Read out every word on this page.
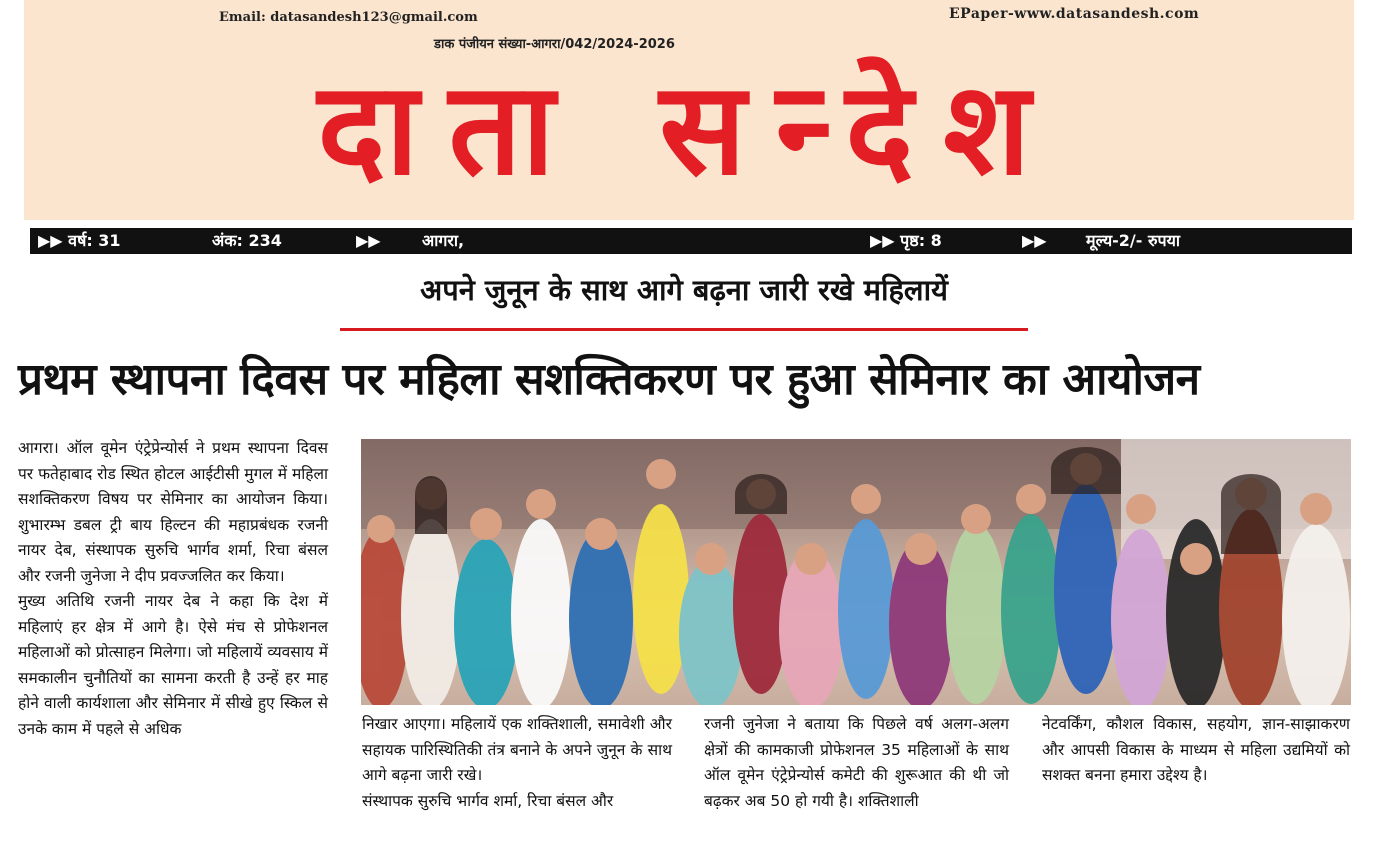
Email: datasandesh123@gmail.com	EPaper-www.datasandesh.com
डाक पंजीयन संख्या-आगरा/042/2024-2026
दाता सन्देश
▶▶ वर्ष: 31	अंक: 234	▶▶	आगरा,	▶▶ पृष्ठ: 8	▶▶ मूल्य-2/- रुपया
अपने जुनून के साथ आगे बढ़ना जारी रखे महिलायें
प्रथम स्थापना दिवस पर महिला सशक्तिकरण पर हुआ सेमिनार का आयोजन

आगरा। ऑल वूमेन एंट्रेप्रेन्योर्स ने प्रथम स्थापना दिवस पर फतेहाबाद रोड स्थित होटल आईटीसी मुगल में महिला सशक्तिकरण विषय पर सेमिनार का आयोजन किया। शुभारम्भ डबल ट्री बाय हिल्टन की महाप्रबंधक रजनी नायर देब, संस्थापक सुरुचि भार्गव शर्मा, रिचा बंसल और रजनी जुनेजा ने दीप प्रवज्जलित कर किया।

मुख्य अतिथि रजनी नायर देब ने कहा कि देश में महिलाएं हर क्षेत्र में आगे है। ऐसे मंच से प्रोफेशनल महिलाओं को प्रोत्साहन मिलेगा। जो महिलायें व्यवसाय में समकालीन चुनौतियों का सामना करती है उन्हें हर माह होने वाली कार्यशाला और सेमिनार में सीखे हुए स्किल से उनके काम में पहले से अधिक	निखार आएगा। महिलायें एक शक्तिशाली, समावेशी और सहायक पारिस्थितिकी तंत्र बनाने के अपने जुनून के साथ आगे बढ़ना जारी रखे।

संस्थापक सुरुचि भार्गव शर्मा, रिचा बंसल और

रजनी जुनेजा ने बताया कि पिछले वर्ष अलग-अलग क्षेत्रों की कामकाजी प्रोफेशनल 35 महिलाओं के साथ ऑल वूमेन एंट्रेप्रेन्योर्स कमेटी की शुरूआत की थी जो बढ़कर अब 50 हो गयी है। शक्तिशाली

नेटवर्किंग, कौशल विकास, सहयोग, ज्ञान-साझाकरण और आपसी विकास के माध्यम से महिला उद्यमियों को सशक्त बनना हमारा उद्देश्य है।
